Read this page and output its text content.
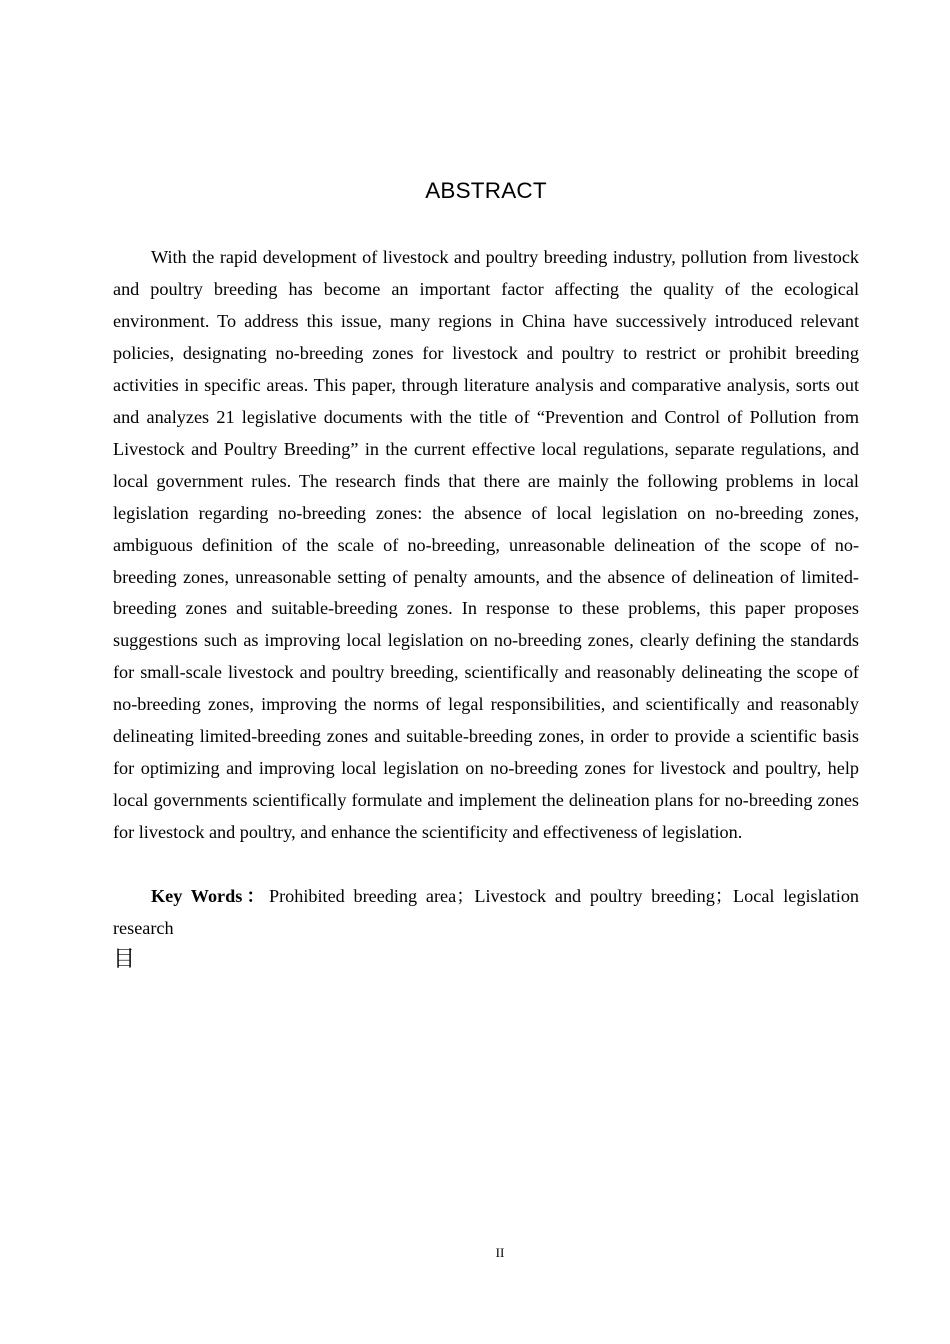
ABSTRACT

With the rapid development of livestock and poultry breeding industry, pollution from livestock and poultry breeding has become an important factor affecting the quality of the ecological environment. To address this issue, many regions in China have successively introduced relevant policies, designating no-breeding zones for livestock and poultry to restrict or prohibit breeding activities in specific areas. This paper, through literature analysis and comparative analysis, sorts out and analyzes 21 legislative documents with the title of “Prevention and Control of Pollution from Livestock and Poultry Breeding” in the current effective local regulations, separate regulations, and local government rules. The research finds that there are mainly the following problems in local legislation regarding no-breeding zones: the absence of local legislation on no-breeding zones, ambiguous definition of the scale of no-breeding, unreasonable delineation of the scope of no-breeding zones, unreasonable setting of penalty amounts, and the absence of delineation of limited-breeding zones and suitable-breeding zones. In response to these problems, this paper proposes suggestions such as improving local legislation on no-breeding zones, clearly defining the standards for small-scale livestock and poultry breeding, scientifically and reasonably delineating the scope of no-breeding zones, improving the norms of legal responsibilities, and scientifically and reasonably delineating limited-breeding zones and suitable-breeding zones, in order to provide a scientific basis for optimizing and improving local legislation on no-breeding zones for livestock and poultry, help local governments scientifically formulate and implement the delineation plans for no-breeding zones for livestock and poultry, and enhance the scientificity and effectiveness of legislation.

Key Words：Prohibited breeding area；Livestock and poultry breeding；Local legislation research

目
II
